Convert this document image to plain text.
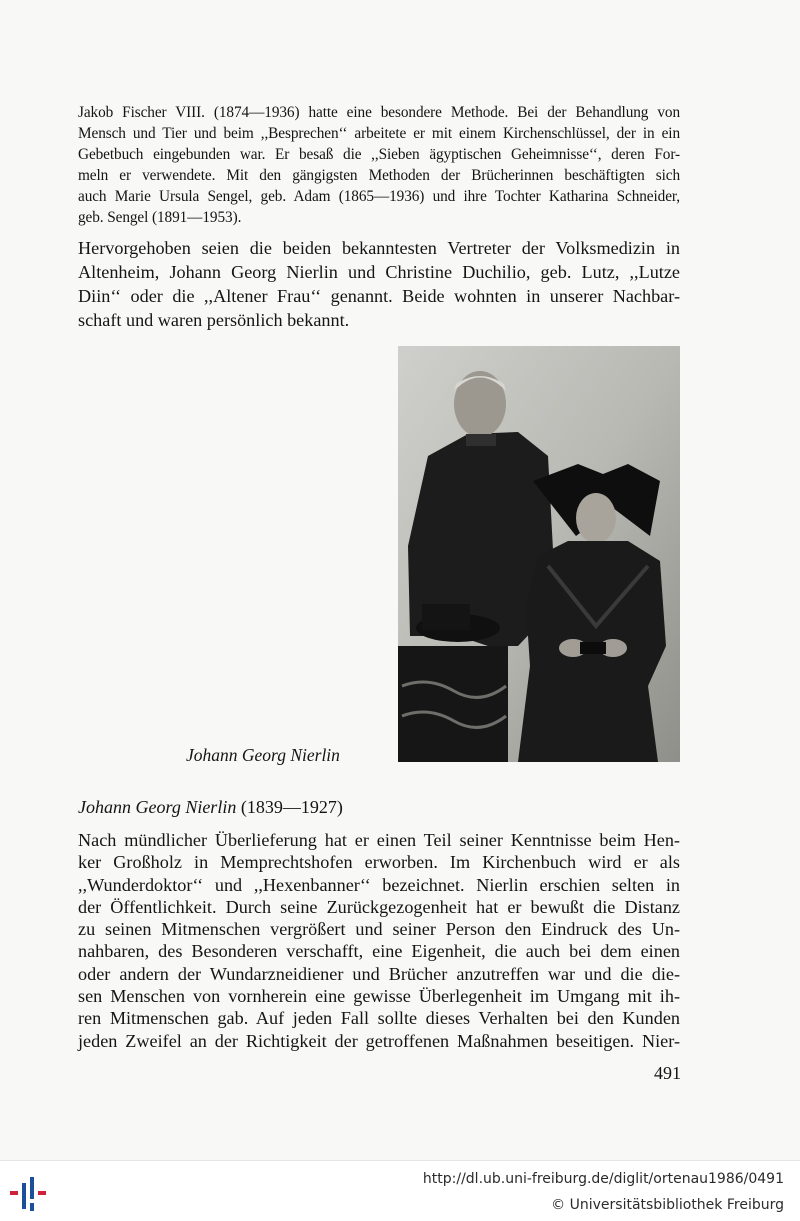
Jakob Fischer VIII. (1874—1936) hatte eine besondere Methode. Bei der Behandlung von
Mensch und Tier und beim ,,Besprechen‘‘ arbeitete er mit einem Kirchenschlüssel, der in ein
Gebetbuch eingebunden war. Er besaß die ,,Sieben ägyptischen Geheimnisse‘‘, deren For-
meln er verwendete. Mit den gängigsten Methoden der Brücherinnen beschäftigten sich
auch Marie Ursula Sengel, geb. Adam (1865—1936) und ihre Tochter Katharina Schneider,
geb. Sengel (1891—1953).
Hervorgehoben seien die beiden bekanntesten Vertreter der Volksmedizin in
Altenheim, Johann Georg Nierlin und Christine Duchilio, geb. Lutz, ,,Lutze
Diin‘‘ oder die ,,Altener Frau‘‘ genannt. Beide wohnten in unserer Nachbar-
schaft und waren persönlich bekannt.
Johann Georg Nierlin
Johann Georg Nierlin (1839—1927)
Nach mündlicher Überlieferung hat er einen Teil seiner Kenntnisse beim Hen-
ker Großholz in Memprechtshofen erworben. Im Kirchenbuch wird er als
,,Wunderdoktor‘‘ und ,,Hexenbanner‘‘ bezeichnet. Nierlin erschien selten in
der Öffentlichkeit. Durch seine Zurückgezogenheit hat er bewußt die Distanz
zu seinen Mitmenschen vergrößert und seiner Person den Eindruck des Un-
nahbaren, des Besonderen verschafft, eine Eigenheit, die auch bei dem einen
oder andern der Wundarzneidiener und Brücher anzutreffen war und die die-
sen Menschen von vornherein eine gewisse Überlegenheit im Umgang mit ih-
ren Mitmenschen gab. Auf jeden Fall sollte dieses Verhalten bei den Kunden
jeden Zweifel an der Richtigkeit der getroffenen Maßnahmen beseitigen. Nier-
491
http://dl.ub.uni-freiburg.de/diglit/ortenau1986/0491
© Universitätsbibliothek Freiburg
